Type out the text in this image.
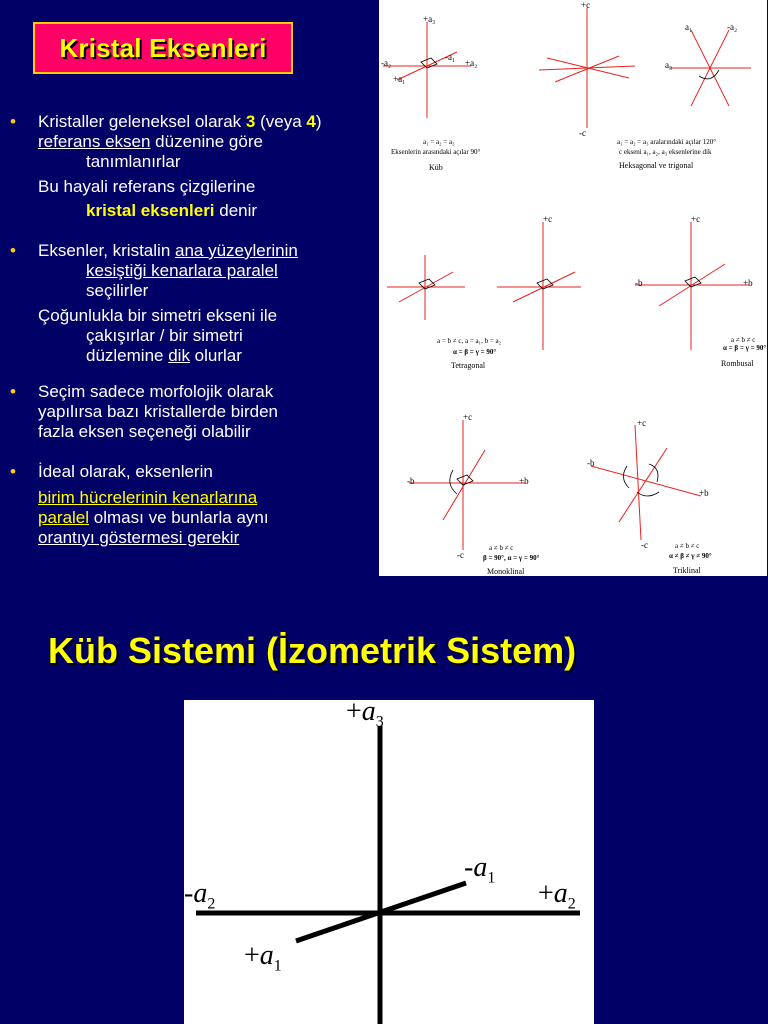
Kristal Eksenleri
• Kristaller geleneksel olarak 3 (veya 4) referans eksen düzenine göre
tanımlanırlar
Bu hayali referans çizgilerine
kristal eksenleri denir
• Eksenler, kristalin ana yüzeylerinin
kesiştiği kenarlara paralel
seçilirler
Çoğunlukla bir simetri ekseni ile
çakışırlar / bir simetri
düzlemine dik olurlar
• Seçim sadece morfolojik olarak
yapılırsa bazı kristallerde birden
fazla eksen seçeneği olabilir
• İdeal olarak, eksenlerin
birim hücrelerinin kenarlarına
paralel olması ve bunlarla aynı
orantıyı göstermesi gerekir
+a₃
-a₁
-a₂	+a₂
+a₁
+c
-c
a₁	-a₂
a₃
+c	+c
-b	+b
+c
-b	+b
+c
-b
+b
-c
-c
a₁ = a₂ = a₃
Eksenlerin arasındaki açılar 90°
Küb
a₁ = a₂ = a₃ aralarındaki açılar 120°
c ekseni a₁, a₂, a₃ eksenlerine dik
Heksagonal ve trigonal
a = b ≠ c, a = a₁, b = a₂
α = β = γ = 90°
Tetragonal
a ≠ b ≠ c
α = β = γ = 90°
Rombusal
a ≠ b ≠ c
β = 90°, α = γ = 90°
Monoklinal
a ≠ b ≠ c
α ≠ β ≠ γ ≠ 90°
Triklinal
Küb Sistemi (İzometrik Sistem)
$+a_3$
$-a_1$
$-a_2$	$+a_2$
$+a_1$
